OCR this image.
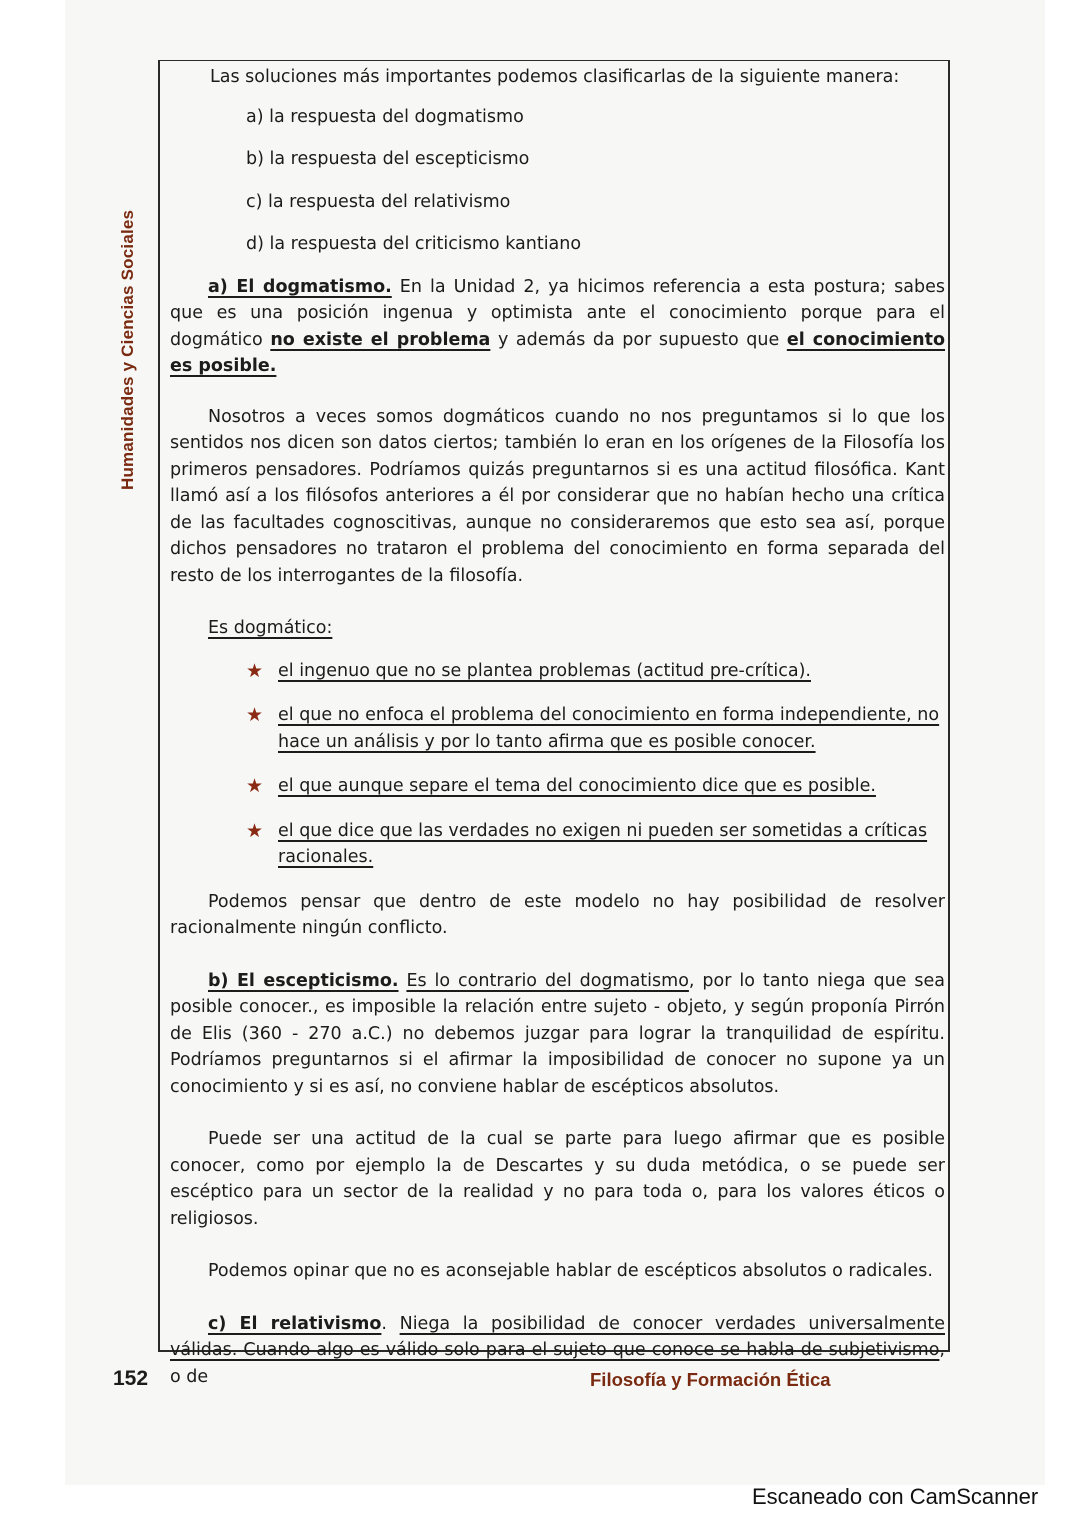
Humanidades y Ciencias Sociales

Las soluciones más importantes podemos clasificarlas de la siguiente manera:

a) la respuesta del dogmatismo

b) la respuesta del escepticismo

c) la respuesta del relativismo

d) la respuesta del criticismo kantiano

a) El dogmatismo. En la Unidad 2, ya hicimos referencia a esta postura; sabes que es una posición ingenua y optimista ante el conocimiento porque para el dogmático no existe el problema y además da por supuesto que el conocimiento es posible.

Nosotros a veces somos dogmáticos cuando no nos preguntamos si lo que los sentidos nos dicen son datos ciertos; también lo eran en los orígenes de la Filosofía los primeros pensadores. Podríamos quizás preguntarnos si es una actitud filosófica. Kant llamó así a los filósofos anteriores a él por considerar que no habían hecho una crítica de las facultades cognoscitivas, aunque no consideraremos que esto sea así, porque dichos pensadores no trataron el problema del conocimiento en forma separada del resto de los interrogantes de la filosofía.

Es dogmático:

★ el ingenuo que no se plantea problemas (actitud pre-crítica).
★ el que no enfoca el problema del conocimiento en forma independiente, no hace un análisis y por lo tanto afirma que es posible conocer.
★ el que aunque separe el tema del conocimiento dice que es posible.
★ el que dice que las verdades no exigen ni pueden ser sometidas a críticas racionales.

Podemos pensar que dentro de este modelo no hay posibilidad de resolver racionalmente ningún conflicto.

b) El escepticismo. Es lo contrario del dogmatismo, por lo tanto niega que sea posible conocer., es imposible la relación entre sujeto - objeto, y según proponía Pirrón de Elis (360 - 270 a.C.) no debemos juzgar para lograr la tranquilidad de espíritu. Podríamos preguntarnos si el afirmar la imposibilidad de conocer no supone ya un conocimiento y si es así, no conviene hablar de escépticos absolutos.

Puede ser una actitud de la cual se parte para luego afirmar que es posible conocer, como por ejemplo la de Descartes y su duda metódica, o se puede ser escéptico para un sector de la realidad y no para toda o, para los valores éticos o religiosos.

Podemos opinar que no es aconsejable hablar de escépticos absolutos o radicales.

c) El relativismo. Niega la posibilidad de conocer verdades universalmente válidas. Cuando algo es válido solo para el sujeto que conoce se habla de subjetivismo, o de

152	Filosofía y Formación Ética
Escaneado con CamScanner
